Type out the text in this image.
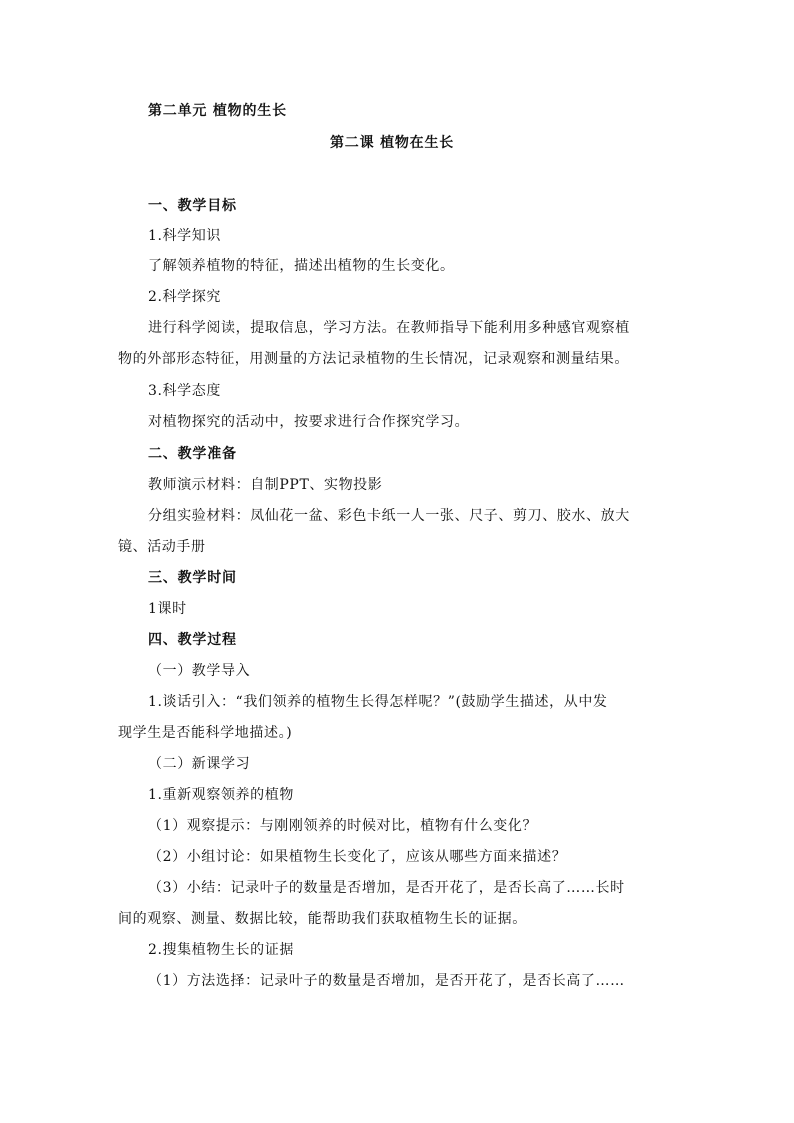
第二单元 植物的生长
第二课 植物在生长
一、教学目标
1.科学知识
了解领养植物的特征，描述出植物的生长变化。
2.科学探究
进行科学阅读，提取信息，学习方法。在教师指导下能利用多种感官观察植
物的外部形态特征，用测量的方法记录植物的生长情况，记录观察和测量结果。
3.科学态度
对植物探究的活动中，按要求进行合作探究学习。
二、教学准备
教师演示材料：自制PPT、实物投影
分组实验材料：凤仙花一盆、彩色卡纸一人一张、尺子、剪刀、胶水、放大
镜、活动手册
三、教学时间
1课时
四、教学过程
（一）教学导入
1.谈话引入：“我们领养的植物生长得怎样呢？”(鼓励学生描述，从中发
现学生是否能科学地描述。)
（二）新课学习
1.重新观察领养的植物
（1）观察提示：与刚刚领养的时候对比，植物有什么变化？
（2）小组讨论：如果植物生长变化了，应该从哪些方面来描述？
（3）小结：记录叶子的数量是否增加，是否开花了，是否长高了……长时
间的观察、测量、数据比较，能帮助我们获取植物生长的证据。
2.搜集植物生长的证据
（1）方法选择：记录叶子的数量是否增加，是否开花了，是否长高了……
